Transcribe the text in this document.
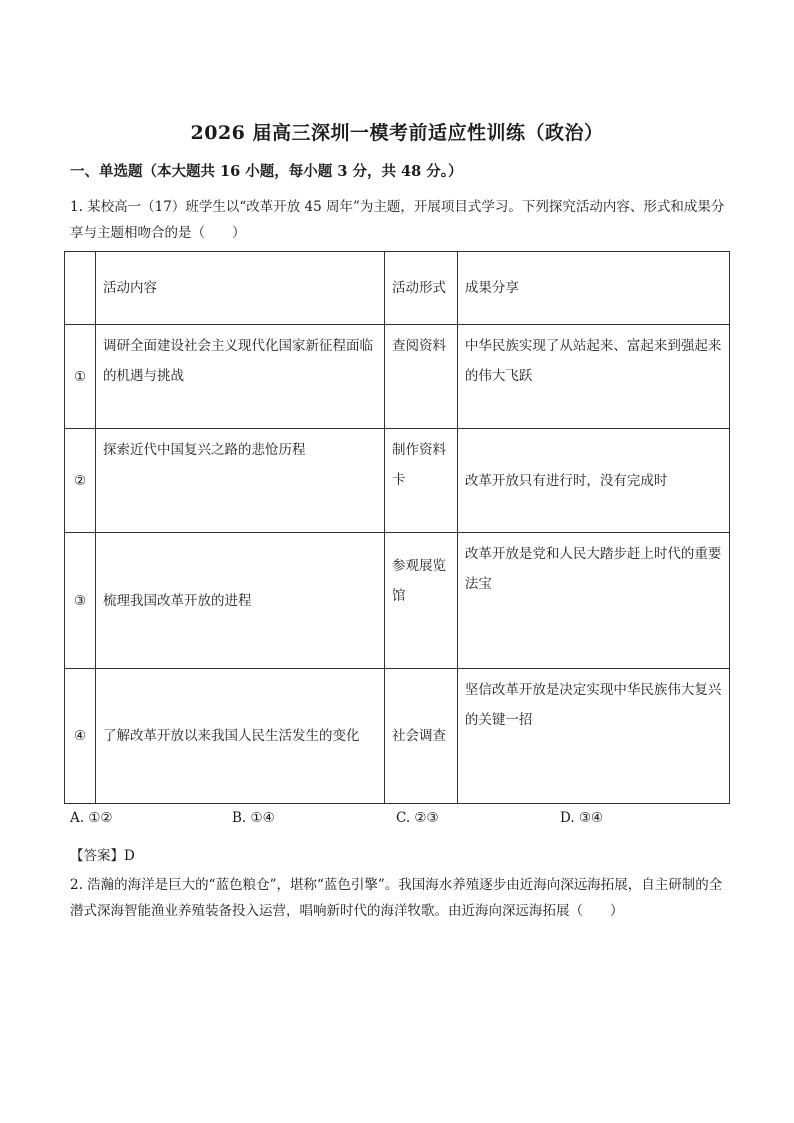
2026 届高三深圳一模考前适应性训练（政治）
一、单选题（本大题共 16 小题，每小题 3 分，共 48 分。）
1. 某校高一（17）班学生以“改革开放 45 周年”为主题，开展项目式学习。下列探究活动内容、形式和成果分享与主题相吻合的是（　　）
	活动内容	活动形式	成果分享
①	调研全面建设社会主义现代化国家新征程面临的机遇与挑战	查阅资料	中华民族实现了从站起来、富起来到强起来的伟大飞跃
②	探索近代中国复兴之路的悲怆历程	制作资料卡	改革开放只有进行时，没有完成时
③	梳理我国改革开放的进程	参观展览馆	改革开放是党和人民大踏步赶上时代的重要法宝
④	了解改革开放以来我国人民生活发生的变化	社会调查	坚信改革开放是决定实现中华民族伟大复兴的关键一招
A. ①②	B. ①④	C. ②③	D. ③④
【答案】D
2. 浩瀚的海洋是巨大的“蓝色粮仓”，堪称“蓝色引擎”。我国海水养殖逐步由近海向深远海拓展，自主研制的全潜式深海智能渔业养殖装备投入运营，唱响新时代的海洋牧歌。由近海向深远海拓展（　　）
